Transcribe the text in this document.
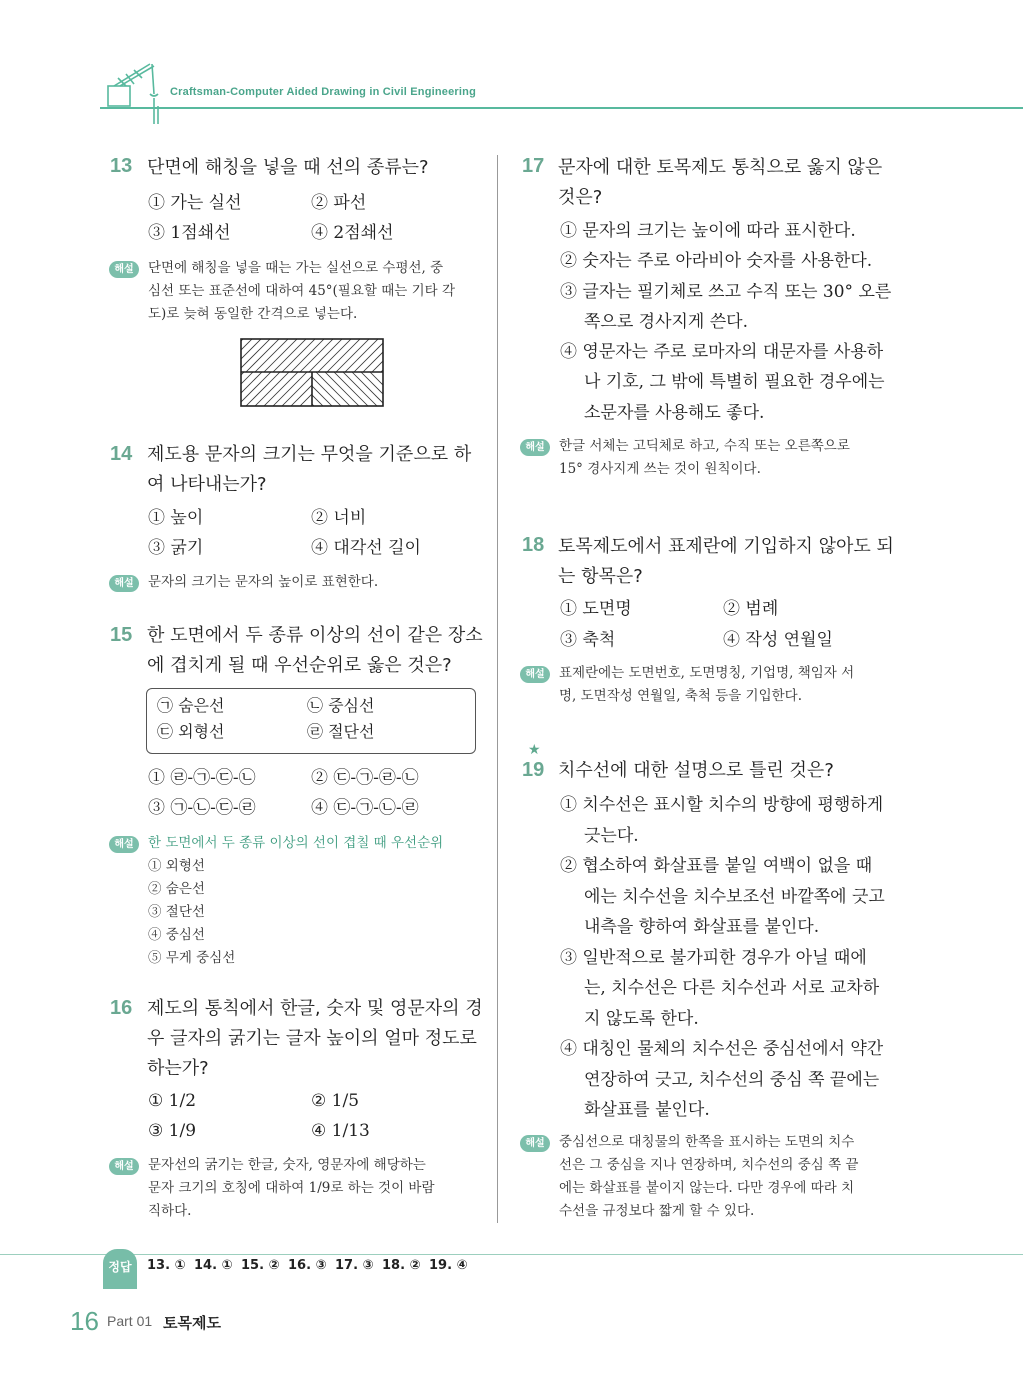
Craftsman-Computer Aided Drawing in Civil Engineering
13 단면에 해칭을 넣을 때 선의 종류는?
① 가는 실선	② 파선
③ 1점쇄선	④ 2점쇄선
해설	단면에 해칭을 넣을 때는 가는 실선으로 수평선, 중
심선 또는 표준선에 대하여 45°(필요할 때는 기타 각
도)로 늦혀 동일한 간격으로 넣는다.
14 제도용 문자의 크기는 무엇을 기준으로 하
여 나타내는가?
① 높이	② 너비
③ 굵기	④ 대각선 길이
해설	문자의 크기는 문자의 높이로 표현한다.
15 한 도면에서 두 종류 이상의 선이 같은 장소
에 겹치게 될 때 우선순위로 옳은 것은?
㉠ 숨은선	㉡ 중심선
㉢ 외형선	㉣ 절단선
① ㉣-㉠-㉢-㉡	② ㉢-㉠-㉣-㉡
③ ㉠-㉡-㉢-㉣	④ ㉢-㉠-㉡-㉣
해설	한 도면에서 두 종류 이상의 선이 겹칠 때 우선순위
① 외형선
② 숨은선
③ 절단선
④ 중심선
⑤ 무게 중심선
16 제도의 통칙에서 한글, 숫자 및 영문자의 경
우 글자의 굵기는 글자 높이의 얼마 정도로
하는가?
① 1/2	② 1/5
③ 1/9	④ 1/13
해설	문자선의 굵기는 한글, 숫자, 영문자에 해당하는
문자 크기의 호칭에 대하여 1/9로 하는 것이 바람
직하다.
17 문자에 대한 토목제도 통칙으로 옳지 않은
것은?
① 문자의 크기는 높이에 따라 표시한다.
② 숫자는 주로 아라비아 숫자를 사용한다.
③ 글자는 필기체로 쓰고 수직 또는 30° 오른
쪽으로 경사지게 쓴다.
④ 영문자는 주로 로마자의 대문자를 사용하
나 기호, 그 밖에 특별히 필요한 경우에는
소문자를 사용해도 좋다.
해설	한글 서체는 고딕체로 하고, 수직 또는 오른쪽으로
15° 경사지게 쓰는 것이 원칙이다.
18 토목제도에서 표제란에 기입하지 않아도 되
는 항목은?
① 도면명	② 범례
③ 축척	④ 작성 연월일
해설	표제란에는 도면번호, 도면명칭, 기업명, 책임자 서
명, 도면작성 연월일, 축척 등을 기입한다.
★
19 치수선에 대한 설명으로 틀린 것은?
① 치수선은 표시할 치수의 방향에 평행하게
긋는다.
② 협소하여 화살표를 붙일 여백이 없을 때
에는 치수선을 치수보조선 바깥쪽에 긋고
내측을 향하여 화살표를 붙인다.
③ 일반적으로 불가피한 경우가 아닐 때에
는, 치수선은 다른 치수선과 서로 교차하
지 않도록 한다.
④ 대칭인 물체의 치수선은 중심선에서 약간
연장하여 긋고, 치수선의 중심 쪽 끝에는
화살표를 붙인다.
해설	중심선으로 대칭물의 한쪽을 표시하는 도면의 치수
선은 그 중심을 지나 연장하며, 치수선의 중심 쪽 끝
에는 화살표를 붙이지 않는다. 다만 경우에 따라 치
수선을 규정보다 짧게 할 수 있다.
정답	13. ① 14. ① 15. ② 16. ③ 17. ③ 18. ② 19. ④
16 Part 01 토목제도
